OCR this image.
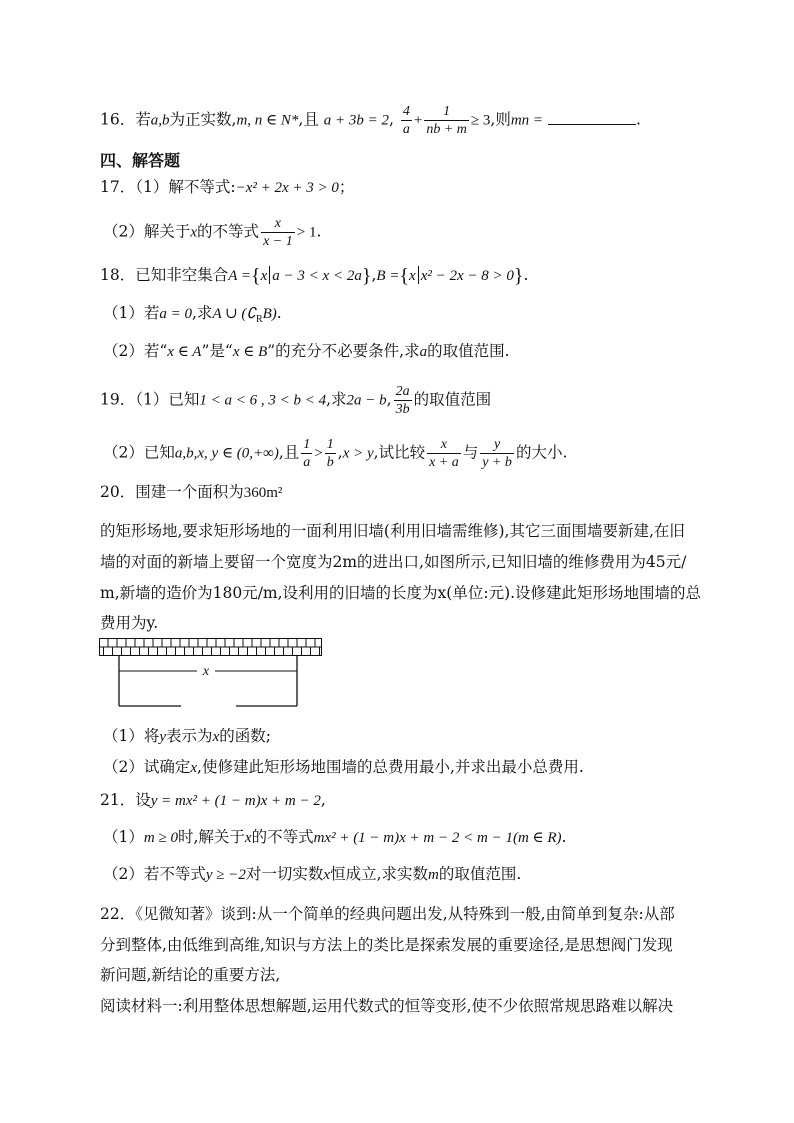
16．若a,b为正实数,m, n ∈ N*,且 a + 3b = 2, $\frac{4}{a} + \frac{1}{nb + m} \ge 3$,则mn =	.
四、解答题
17．（1）解不等式:−x² + 2x + 3 > 0；
（2）解关于x的不等式 $\frac{x}{x - 1} > 1$.
18．已知非空集合A ={x a − 3 < x < 2a},B ={x x² − 2x − 8 > 0}.
（1）若a = 0,求A ∪ $(∁_RB)$.
（2）若“x ∈ A”是“x ∈ B”的充分不必要条件,求a的取值范围.
19．（1）已知1 < a < 6 , 3 < b < 4,求2a − b, $\frac{2a}{3b}$ 的取值范围
（2）已知a,b,x, y ∈ (0,+∞),且 $\frac{1}{a} > \frac{1}{b} ,x > y$,试比较 $\frac{x}{x + a}$ 与 $\frac{y}{y + b}$ 的大小.
20．围建一个面积为360m²
的矩形场地,要求矩形场地的一面利用旧墙(利用旧墙需维修),其它三面围墙要新建,在旧
墙的对面的新墙上要留一个宽度为2m的进出口,如图所示,已知旧墙的维修费用为45元/
m,新墙的造价为180元/m,设利用的旧墙的长度为x(单位:元).设修建此矩形场地围墙的总
费用为y.
x
（1）将y表示为x的函数;
（2）试确定x,使修建此矩形场地围墙的总费用最小,并求出最小总费用.
21．设y = mx² + (1 − m)x + m − 2,
（1）m ≥ 0时,解关于x的不等式mx² + (1 − m)x + m − 2 < m − 1(m ∈ R).
（2）若不等式y ≥ −2对一切实数x恒成立,求实数m的取值范围.
22．《见微知著》谈到:从一个简单的经典问题出发,从特殊到一般,由简单到复杂:从部
分到整体,由低维到高维,知识与方法上的类比是探索发展的重要途径,是思想阀门发现
新问题,新结论的重要方法,
阅读材料一:利用整体思想解题,运用代数式的恒等变形,使不少依照常规思路难以解决
